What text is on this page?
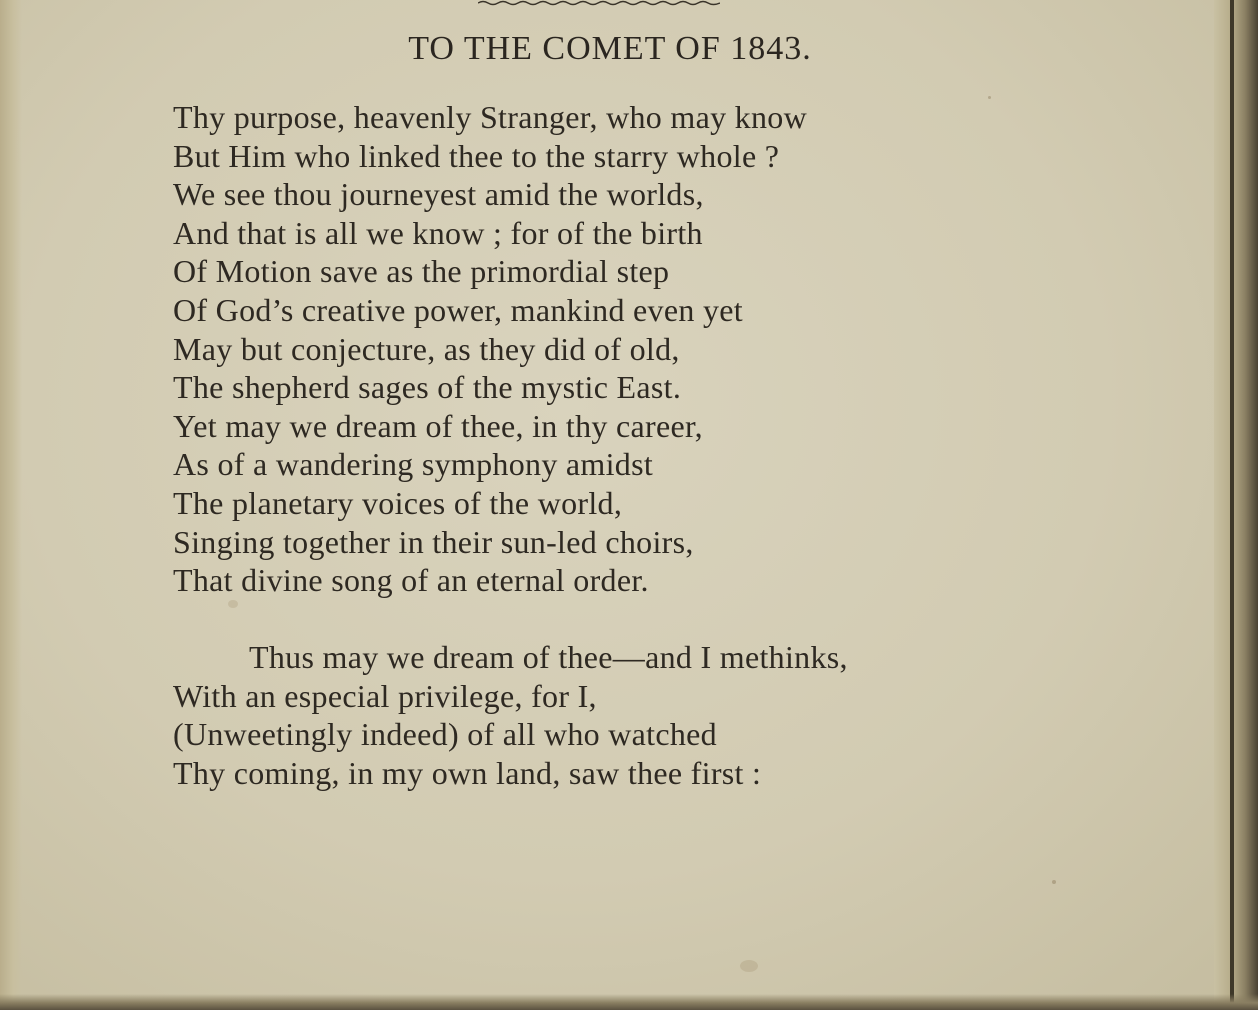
TO THE COMET OF 1843.
Thy purpose, heavenly Stranger, who may know
But Him who linked thee to the starry whole ?
We see thou journeyest amid the worlds,
And that is all we know ; for of the birth
Of Motion save as the primordial step
Of God’s creative power, mankind even yet
May but conjecture, as they did of old,
The shepherd sages of the mystic East.
Yet may we dream of thee, in thy career,
As of a wandering symphony amidst
The planetary voices of the world,
Singing together in their sun-led choirs,
That divine song of an eternal order.
Thus may we dream of thee—and I methinks,
With an especial privilege, for I,
(Unweetingly indeed) of all who watched
Thy coming, in my own land, saw thee first :
